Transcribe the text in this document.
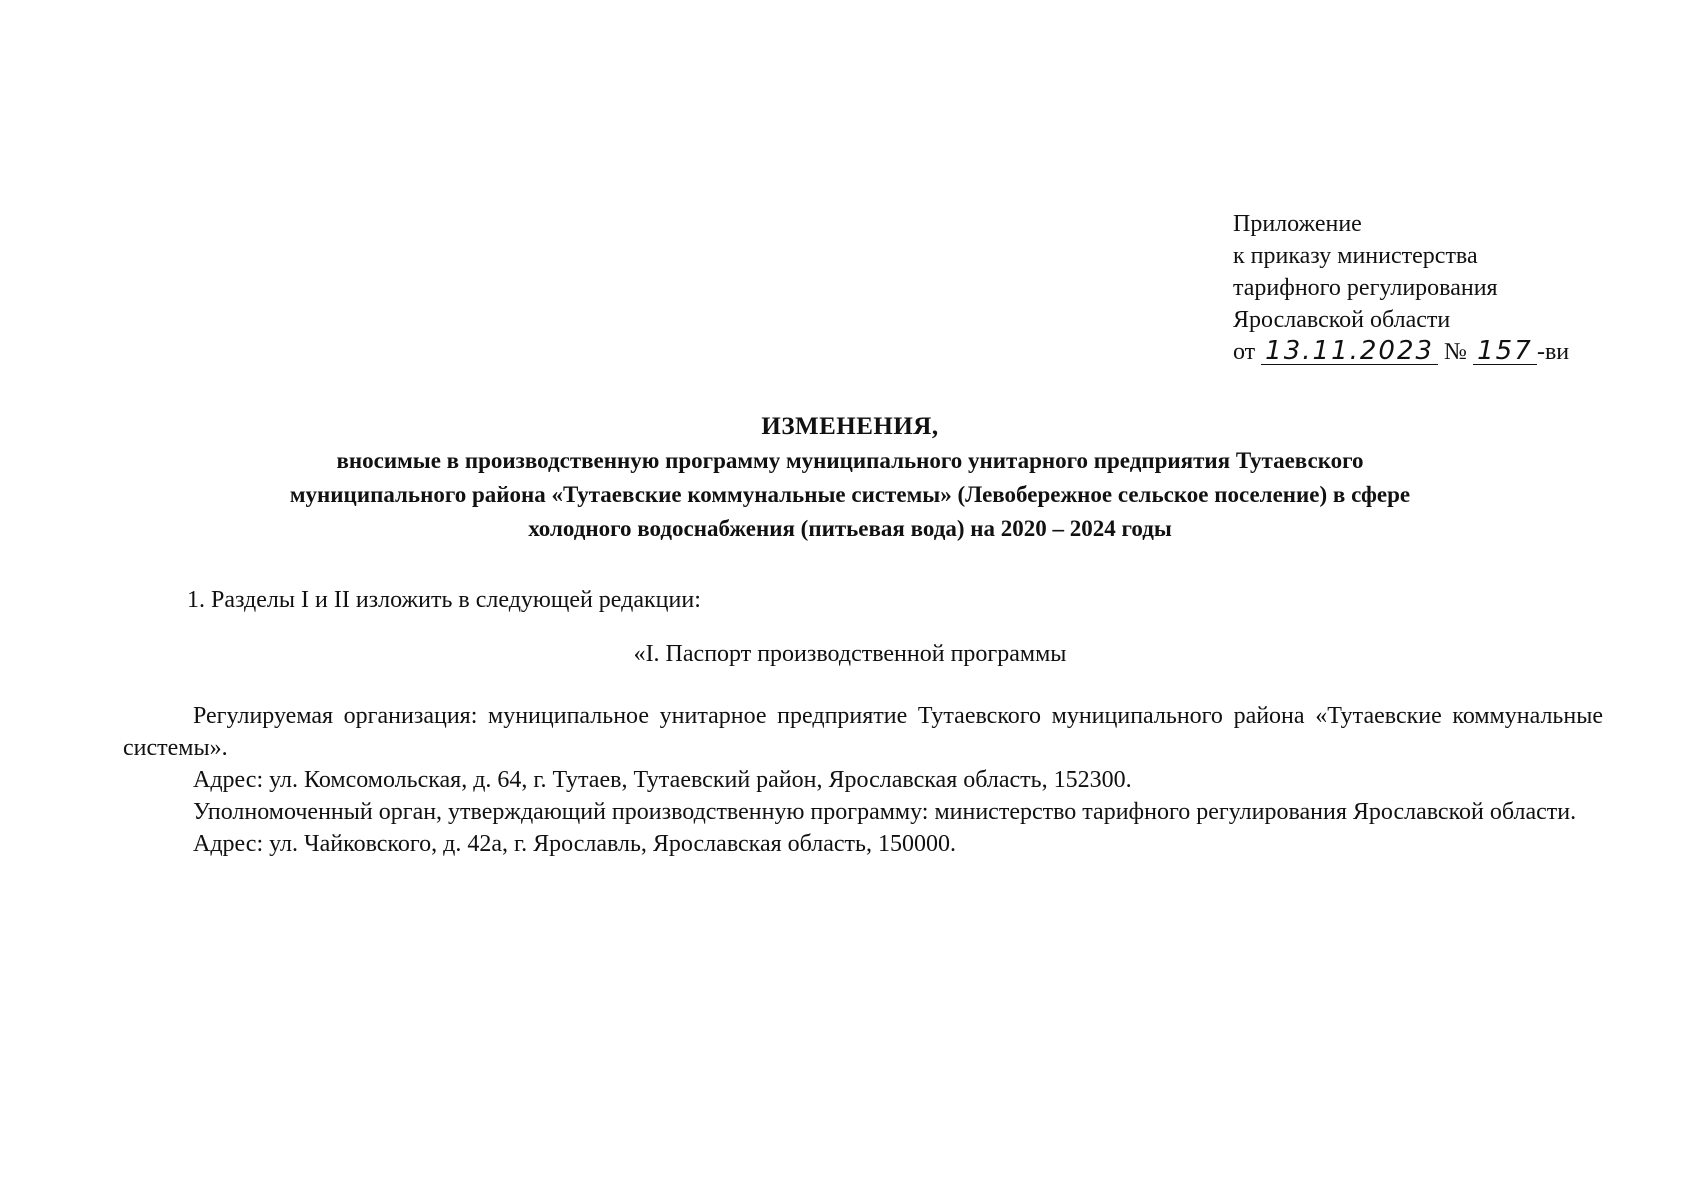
Приложение
к приказу министерства
тарифного регулирования
Ярославской области
от 13.11.2023 № 157 -ви
ИЗМЕНЕНИЯ,
вносимые в производственную программу муниципального унитарного предприятия Тутаевского
муниципального района «Тутаевские коммунальные системы» (Левобережное сельское поселение) в сфере
холодного водоснабжения (питьевая вода) на 2020 – 2024 годы
1. Разделы I и II изложить в следующей редакции:
«I. Паспорт производственной программы

Регулируемая организация: муниципальное унитарное предприятие Тутаевского муниципального района «Тутаевские коммунальные системы».

Адрес: ул. Комсомольская, д. 64, г. Тутаев, Тутаевский район, Ярославская область, 152300.

Уполномоченный орган, утверждающий производственную программу: министерство тарифного регулирования Ярославской области.

Адрес: ул. Чайковского, д. 42а, г. Ярославль, Ярославская область, 150000.
